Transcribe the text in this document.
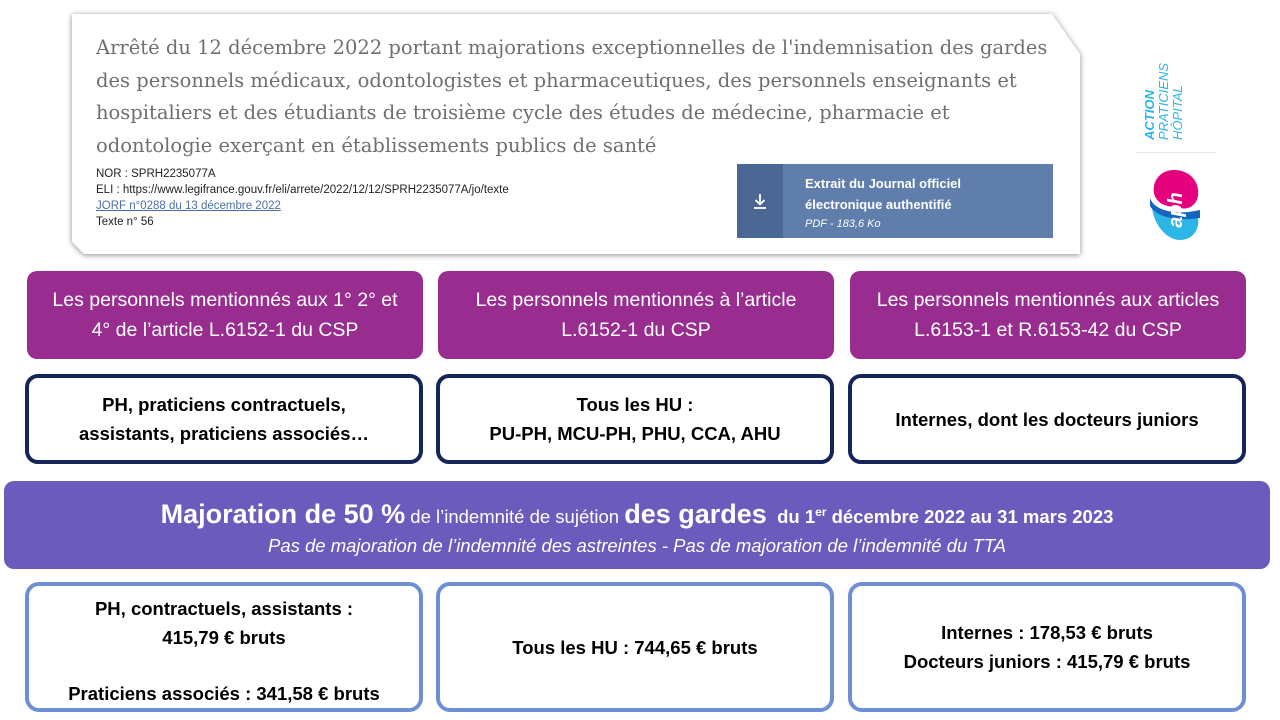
Arrêté du 12 décembre 2022 portant majorations exceptionnelles de l'indemnisation des gardes des personnels médicaux, odontologistes et pharmaceutiques, des personnels enseignants et hospitaliers et des étudiants de troisième cycle des études de médecine, pharmacie et odontologie exerçant en établissements publics de santé
NOR : SPRH2235077A
ELI : https://www.legifrance.gouv.fr/eli/arrete/2022/12/12/SPRH2235077A/jo/texte
JORF n°0288 du 13 décembre 2022
Texte n° 56
Extrait du Journal officiel
électronique authentifié
PDF - 183,6 Ko
ACTION PRATICIENS HÔPITAL
aph
Les personnels mentionnés aux 1° 2° et 4° de l’article L.6152-1 du CSP
Les personnels mentionnés à l’article L.6152-1 du CSP
Les personnels mentionnés aux articles L.6153-1 et R.6153-42 du CSP
PH, praticiens contractuels,
assistants, praticiens associés…
Tous les HU :
PU-PH, MCU-PH, PHU, CCA, AHU
Internes, dont les docteurs juniors
Majoration de 50 % de l’indemnité de sujétion des gardes du 1er décembre 2022 au 31 mars 2023
Pas de majoration de l’indemnité des astreintes - Pas de majoration de l’indemnité du TTA
PH, contractuels, assistants :
415,79 € bruts
Praticiens associés : 341,58 € bruts
Tous les HU : 744,65 € bruts
Internes : 178,53 € bruts
Docteurs juniors : 415,79 € bruts
